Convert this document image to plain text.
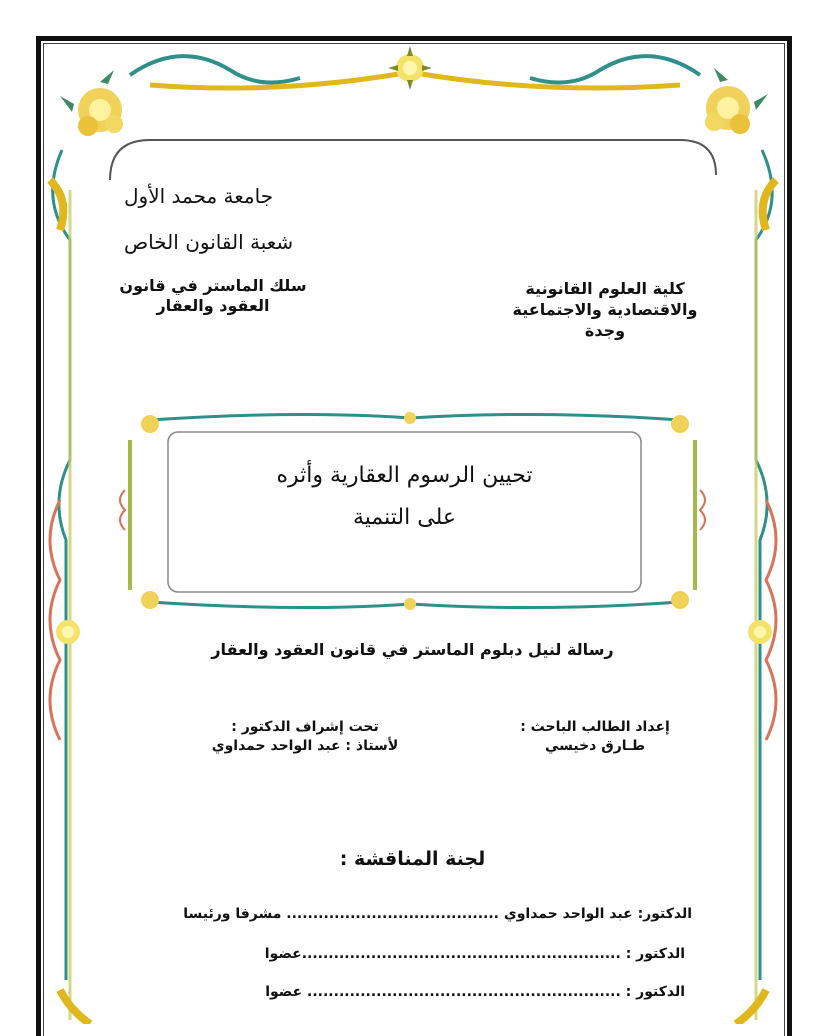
جامعة محمد الأول
شعبة القانون الخاص
سلك الماستر في قانون
العقود والعقار
كلية العلوم القانونية
والاقتصادية والاجتماعية
وجدة
تحيين الرسوم العقارية وأثره
على التنمية
رسالة لنيل دبلوم الماستر في قانون العقود والعقار
إعداد الطالب الباحث :
طـارق دخيسي
تحت إشراف الدكتور :
لأستاذ : عبد الواحد حمداوي
لجنة المناقشة :
الدكتور: عبد الواحد حمداوي ........................................ مشرفا ورئيسا
الدكتور : ............................................................عضوا
الدكتور : ........................................................... عضوا
